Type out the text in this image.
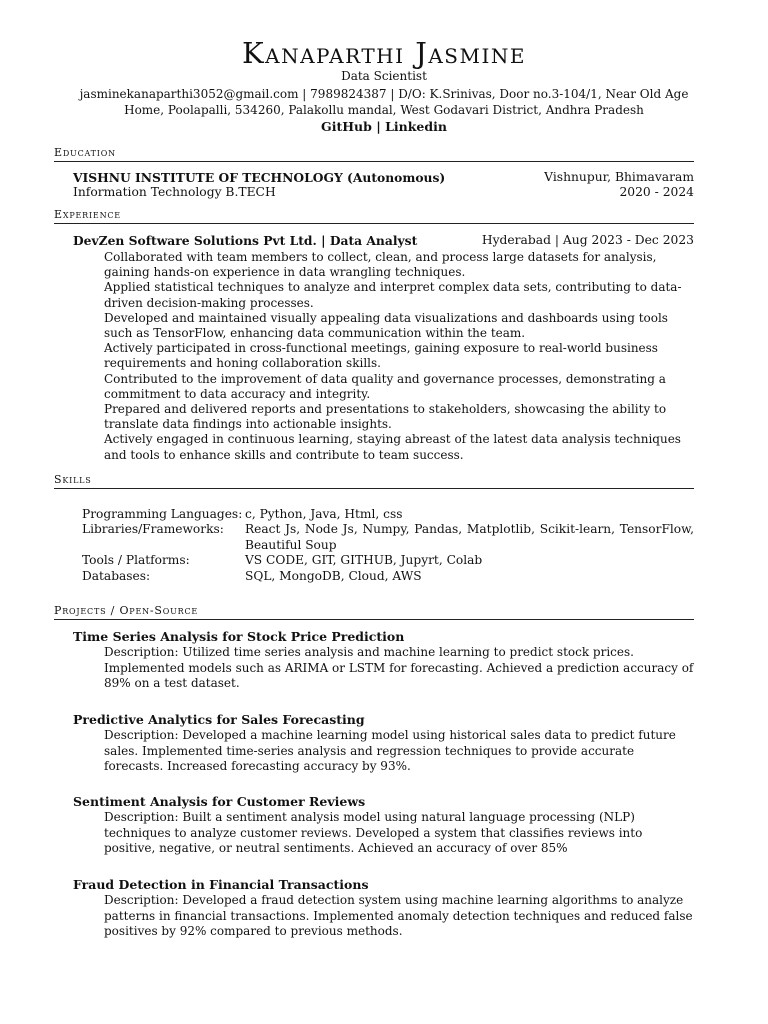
Kanaparthi Jasmine
Data Scientist
jasminekanaparthi3052@gmail.com | 7989824387 | D/O: K.Srinivas, Door no.3-104/1, Near Old Age Home, Poolapalli, 534260, Palakollu mandal, West Godavari District, Andhra Pradesh
GitHub | Linkedin
Education
VISHNU INSTITUTE OF TECHNOLOGY (Autonomous)	Vishnupur, Bhimavaram
Information Technology B.TECH	2020 - 2024
Experience
DevZen Software Solutions Pvt Ltd. | Data Analyst	Hyderabad | Aug 2023 - Dec 2023
Collaborated with team members to collect, clean, and process large datasets for analysis, gaining hands-on experience in data wrangling techniques.
Applied statistical techniques to analyze and interpret complex data sets, contributing to data-driven decision-making processes.
Developed and maintained visually appealing data visualizations and dashboards using tools such as TensorFlow, enhancing data communication within the team.
Actively participated in cross-functional meetings, gaining exposure to real-world business requirements and honing collaboration skills.
Contributed to the improvement of data quality and governance processes, demonstrating a commitment to data accuracy and integrity.
Prepared and delivered reports and presentations to stakeholders, showcasing the ability to translate data findings into actionable insights.
Actively engaged in continuous learning, staying abreast of the latest data analysis techniques and tools to enhance skills and contribute to team success.
Skills
Programming Languages: c, Python, Java, Html, css
Libraries/Frameworks:	React Js, Node Js, Numpy, Pandas, Matplotlib, Scikit-learn, TensorFlow, Beautiful Soup
Tools / Platforms:	VS CODE, GIT, GITHUB, Jupyrt, Colab
Databases:	SQL, MongoDB, Cloud, AWS
Projects / Open-Source
Time Series Analysis for Stock Price Prediction
Description: Utilized time series analysis and machine learning to predict stock prices. Implemented models such as ARIMA or LSTM for forecasting. Achieved a prediction accuracy of 89% on a test dataset.
Predictive Analytics for Sales Forecasting
Description: Developed a machine learning model using historical sales data to predict future sales. Implemented time-series analysis and regression techniques to provide accurate forecasts. Increased forecasting accuracy by 93%.
Sentiment Analysis for Customer Reviews
Description: Built a sentiment analysis model using natural language processing (NLP) techniques to analyze customer reviews. Developed a system that classifies reviews into positive, negative, or neutral sentiments. Achieved an accuracy of over 85%
Fraud Detection in Financial Transactions
Description: Developed a fraud detection system using machine learning algorithms to analyze patterns in financial transactions. Implemented anomaly detection techniques and reduced false positives by 92% compared to previous methods.
